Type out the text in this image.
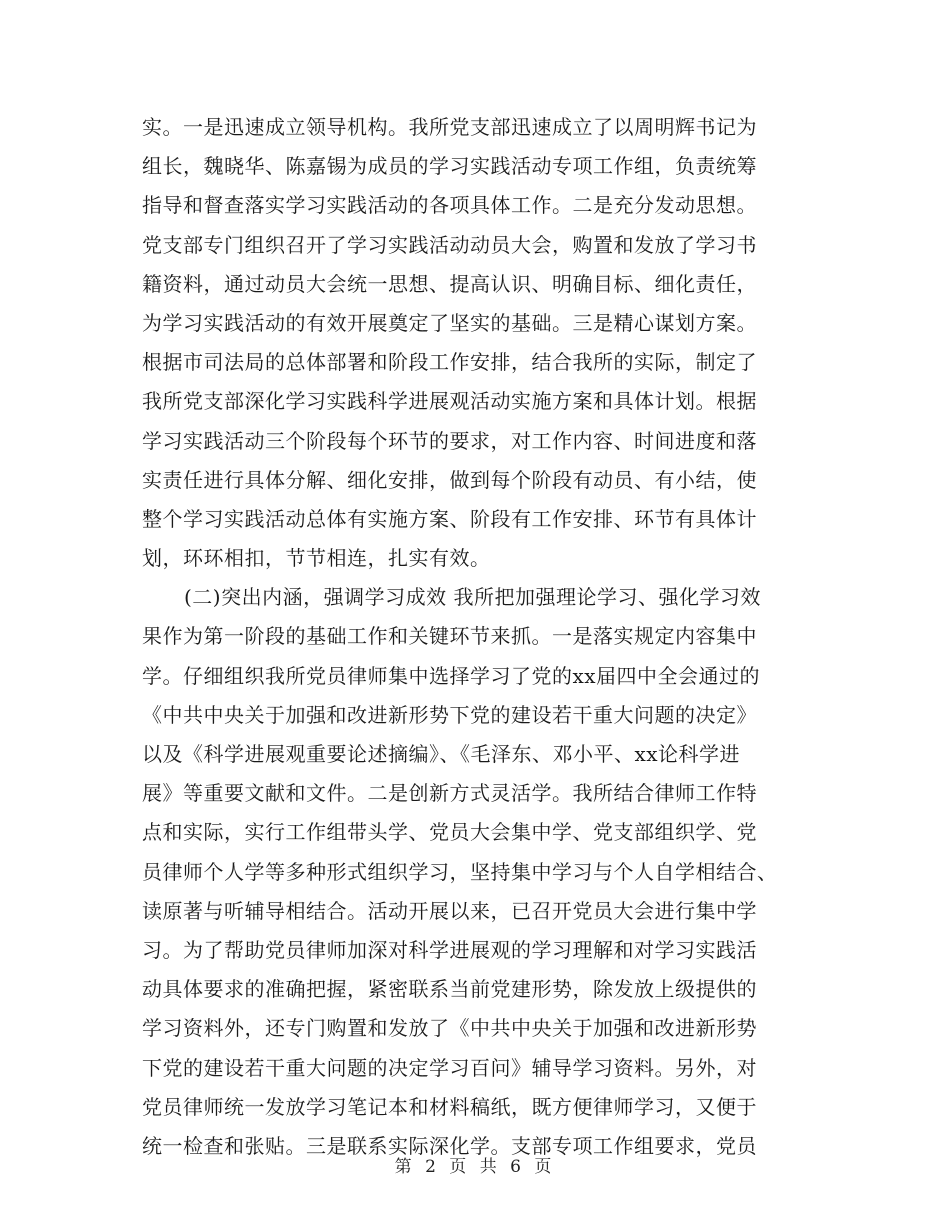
实。一是迅速成立领导机构。我所党支部迅速成立了以周明辉书记为
组长，魏晓华、陈嘉锡为成员的学习实践活动专项工作组，负责统筹
指导和督查落实学习实践活动的各项具体工作。二是充分发动思想。
党支部专门组织召开了学习实践活动动员大会，购置和发放了学习书
籍资料，通过动员大会统一思想、提高认识、明确目标、细化责任，
为学习实践活动的有效开展奠定了坚实的基础。三是精心谋划方案。
根据市司法局的总体部署和阶段工作安排，结合我所的实际，制定了
我所党支部深化学习实践科学进展观活动实施方案和具体计划。根据
学习实践活动三个阶段每个环节的要求，对工作内容、时间进度和落
实责任进行具体分解、细化安排，做到每个阶段有动员、有小结，使
整个学习实践活动总体有实施方案、阶段有工作安排、环节有具体计
划，环环相扣，节节相连，扎实有效。
(二)突出内涵，强调学习成效 我所把加强理论学习、强化学习效
果作为第一阶段的基础工作和关键环节来抓。一是落实规定内容集中
学。仔细组织我所党员律师集中选择学习了党的xx届四中全会通过的
《中共中央关于加强和改进新形势下党的建设若干重大问题的决定》
以及《科学进展观重要论述摘编》、《毛泽东、邓小平、xx论科学进
展》等重要文献和文件。二是创新方式灵活学。我所结合律师工作特
点和实际，实行工作组带头学、党员大会集中学、党支部组织学、党
员律师个人学等多种形式组织学习，坚持集中学习与个人自学相结合、
读原著与听辅导相结合。活动开展以来，已召开党员大会进行集中学
习。为了帮助党员律师加深对科学进展观的学习理解和对学习实践活
动具体要求的准确把握，紧密联系当前党建形势，除发放上级提供的
学习资料外，还专门购置和发放了《中共中央关于加强和改进新形势
下党的建设若干重大问题的决定学习百问》辅导学习资料。另外，对
党员律师统一发放学习笔记本和材料稿纸，既方便律师学习，又便于
统一检查和张贴。三是联系实际深化学。支部专项工作组要求，党员
第 2 页 共 6 页
